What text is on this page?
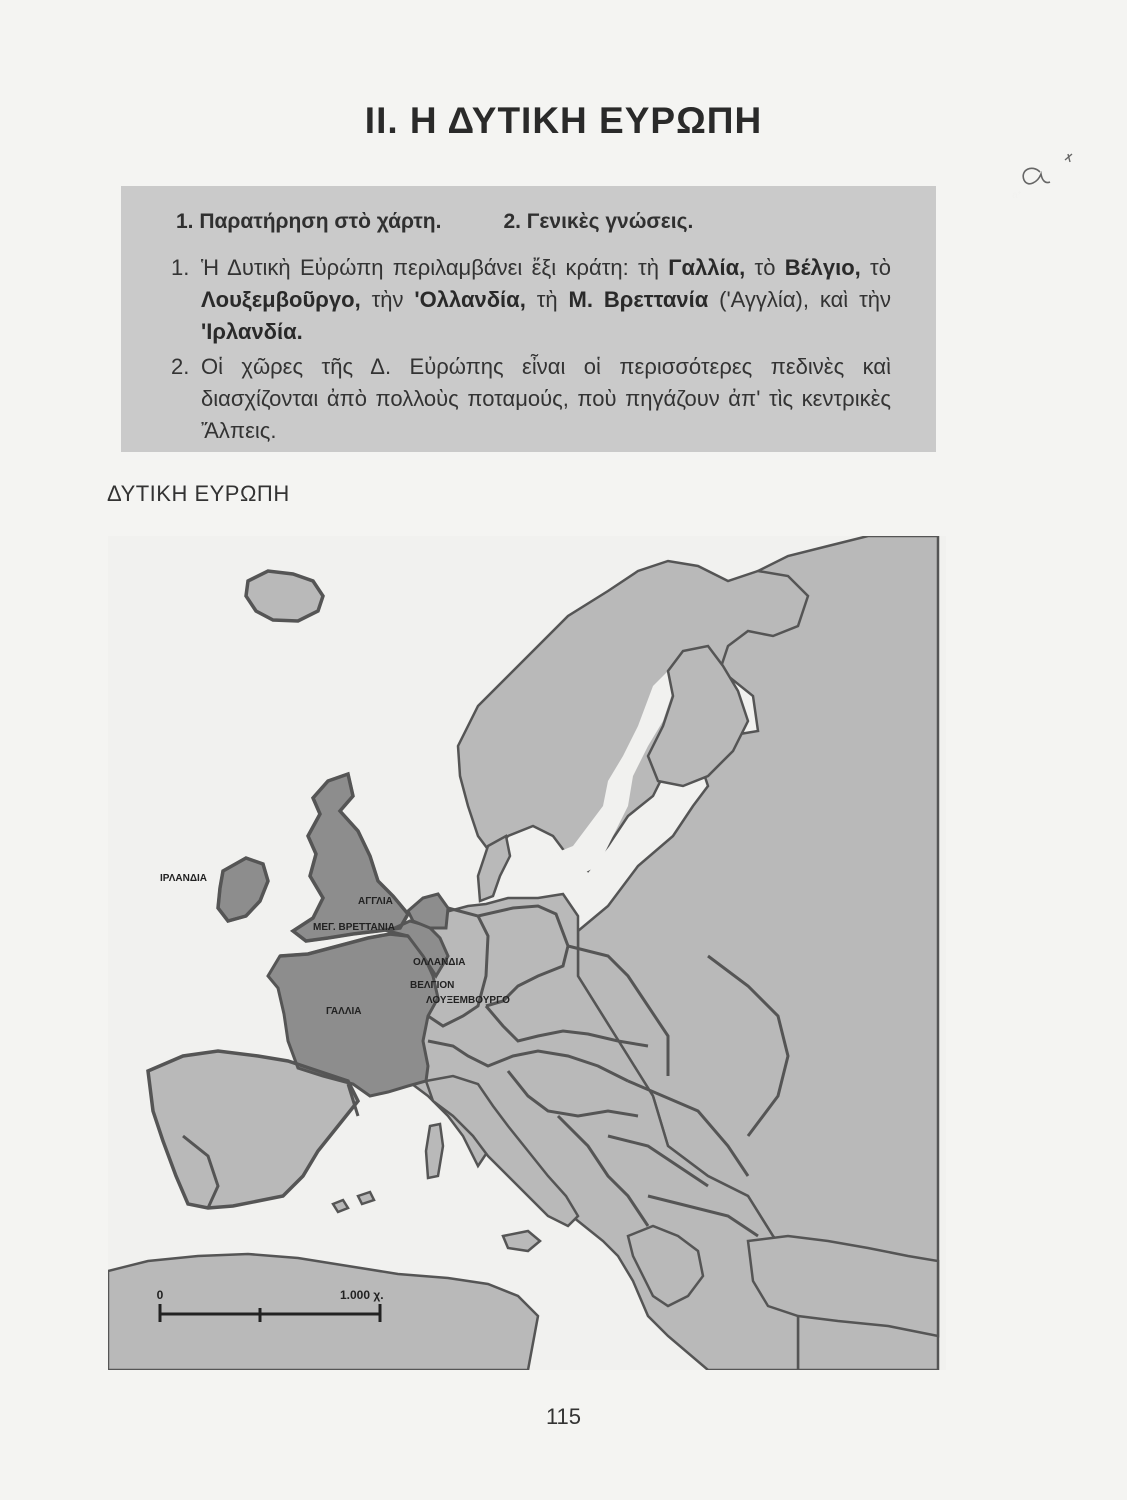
II. Η ΔΥΤΙΚΗ ΕΥΡΩΠΗ
a*
1. Παρατήρηση στὸ χάρτη.	2. Γενικὲς γνώσεις.
1. Ἡ Δυτικὴ Εὐρώπη περιλαμβάνει ἔξι κράτη: τὴ Γαλλία, τὸ Βέλγιο, τὸ Λουξεμβοῦργο, τὴν 'Ολλανδία, τὴ Μ. Βρεττανία ('Αγγλία), καὶ τὴν 'Ιρλανδία.
2. Οἱ χῶρες τῆς Δ. Εὐρώπης εἶναι οἱ περισσότερες πεδινὲς καὶ διασχίζονται ἀπὸ πολλοὺς ποταμούς, ποὺ πηγάζουν ἀπ' τὶς κεντρικὲς Ἄλπεις.
ΔΥΤΙΚΗ ΕΥΡΩΠΗ
ΙΡΛΑΝΔΙΑ
ΑΓΓΛΙΑ
ΜΕΓ. ΒΡΕΤΤΑΝΙΑ
ΟΛΛΑΝΔΙΑ
ΒΕΛΓΙΟΝ
ΛΟΥΞΕΜΒΟΥΡΓΟ
ΓΑΛΛΙΑ
0	1.000 χ.
115
